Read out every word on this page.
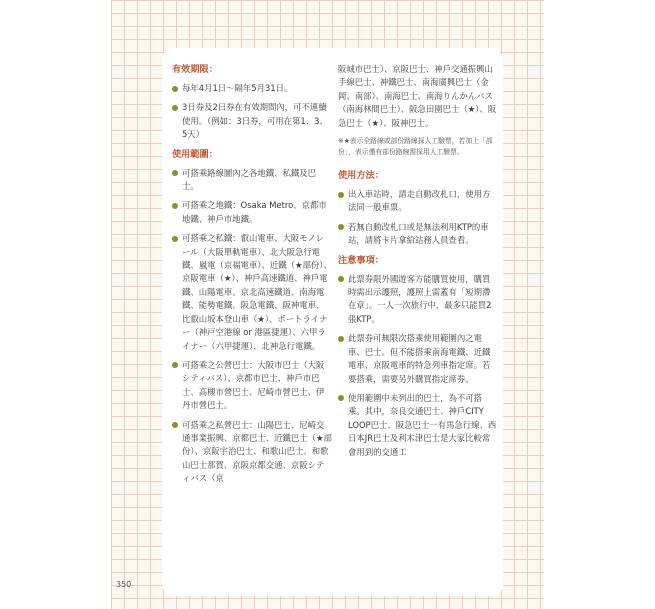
有效期限：
每年4月1日～隔年5月31日。
3日券及2日券在有效期間內，可不連續使用。（例如：3日券，可用在第1、3、5天）
使用範圍：
可搭乘路線圖內之各地鐵、私鐵及巴士。
可搭乘之地鐵：Osaka Metro、京都市地鐵、神戶市地鐵。
可搭乘之私鐵：叡山電車、大阪モノレール（大阪單軌電車）、北大阪急行電鐵、嵐電（京福電車）、近鐵（★部份）、京阪電車（★）、神戶高速鐵道、神戶電鐵、山陽電車、京北高速鐵道、南海電鐵、能勢電鐵、阪急電鐵、阪神電車、比叡山坂本登山車（★）、ポートライナー（神戸空港線 or 港區捷運）、六甲ライナー（六甲捷運）、北神急行電鐵。
可搭乘之公營巴士：大阪市巴士（大阪シティバス）、京都市巴士、神戶市巴士、高槻市營巴士、尼崎市營巴士、伊丹市營巴士。
可搭乘之私營巴士：山陽巴士、尼崎交通事業振興、京都巴士、近鐵巴士（★部份）、京阪宇治巴士、和歌山巴士、和歌山巴士那賀、京阪京都交通、京阪シティバス（京
阪城市巴士）、京阪巴士、神戶交通振興山手線巴士、神鐵巴士、南海廣興巴士（金岡、南部）、南海巴士、南海りんかんバス（南海林間巴士）、阪急田園巴士（★）、阪急巴士（★）、阪神巴士。
※★表示全路線或部份路線採人工驗票，若加上「部份」，表示僅有部份路線需採用人工驗票。
使用方法：
出入車站時，請走自動改札口，使用方法同一般車票。
若無自動改札口或是無法利用KTP的車站，請將卡片拿給站務人員查看。
注意事項：
此票券限外國遊客方能購買使用，購買時需出示護照，護照上需蓋有「短期滯在章」。一人一次旅行中，最多只能買2張KTP。
此票券可無限次搭乘使用範圍內之電車、巴士。但不能搭乘南海電鐵、近鐵電車、京阪電車的特急列車指定席。若要搭乘，需要另外購買指定席券。
使用範圍中未列出的巴士，為不可搭乘。其中，奈良交通巴士、神戶CITY LOOP巴士、阪急巴士一有馬急行線、西日本JR巴士及利木津巴士是大家比較常會用到的交通工
350
